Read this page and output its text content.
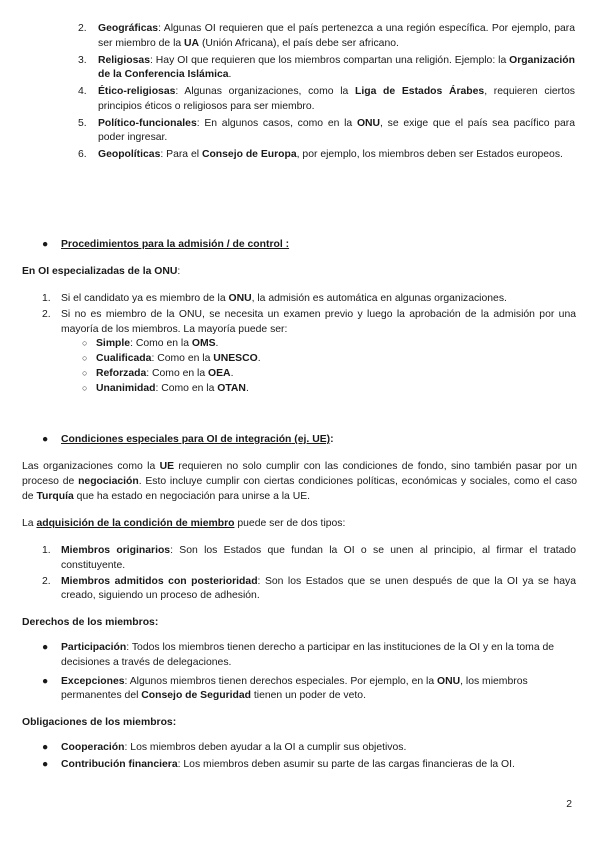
2. Geográficas: Algunas OI requieren que el país pertenezca a una región específica. Por ejemplo, para ser miembro de la UA (Unión Africana), el país debe ser africano.
3. Religiosas: Hay OI que requieren que los miembros compartan una religión. Ejemplo: la Organización de la Conferencia Islámica.
4. Ético-religiosas: Algunas organizaciones, como la Liga de Estados Árabes, requieren ciertos principios éticos o religiosos para ser miembro.
5. Político-funcionales: En algunos casos, como en la ONU, se exige que el país sea pacífico para poder ingresar.
6. Geopolíticas: Para el Consejo de Europa, por ejemplo, los miembros deben ser Estados europeos.
● Procedimientos para la admisión / de control :

En OI especializadas de la ONU:

1. Si el candidato ya es miembro de la ONU, la admisión es automática en algunas organizaciones.
2. Si no es miembro de la ONU, se necesita un examen previo y luego la aprobación de la admisión por una mayoría de los miembros. La mayoría puede ser:
○ Simple: Como en la OMS.
○ Cualificada: Como en la UNESCO.
○ Reforzada: Como en la OEA.
○ Unanimidad: Como en la OTAN.
● Condiciones especiales para OI de integración (ej. UE):

Las organizaciones como la UE requieren no solo cumplir con las condiciones de fondo, sino también pasar por un proceso de negociación. Esto incluye cumplir con ciertas condiciones políticas, económicas y sociales, como el caso de Turquía que ha estado en negociación para unirse a la UE.

La adquisición de la condición de miembro puede ser de dos tipos:

1. Miembros originarios: Son los Estados que fundan la OI o se unen al principio, al firmar el tratado constituyente.
2. Miembros admitidos con posterioridad: Son los Estados que se unen después de que la OI ya se haya creado, siguiendo un proceso de adhesión.

Derechos de los miembros:

● Participación: Todos los miembros tienen derecho a participar en las instituciones de la OI y en la toma de decisiones a través de delegaciones.
● Excepciones: Algunos miembros tienen derechos especiales. Por ejemplo, en la ONU, los miembros permanentes del Consejo de Seguridad tienen un poder de veto.

Obligaciones de los miembros:

● Cooperación: Los miembros deben ayudar a la OI a cumplir sus objetivos.
● Contribución financiera: Los miembros deben asumir su parte de las cargas financieras de la OI.
2
